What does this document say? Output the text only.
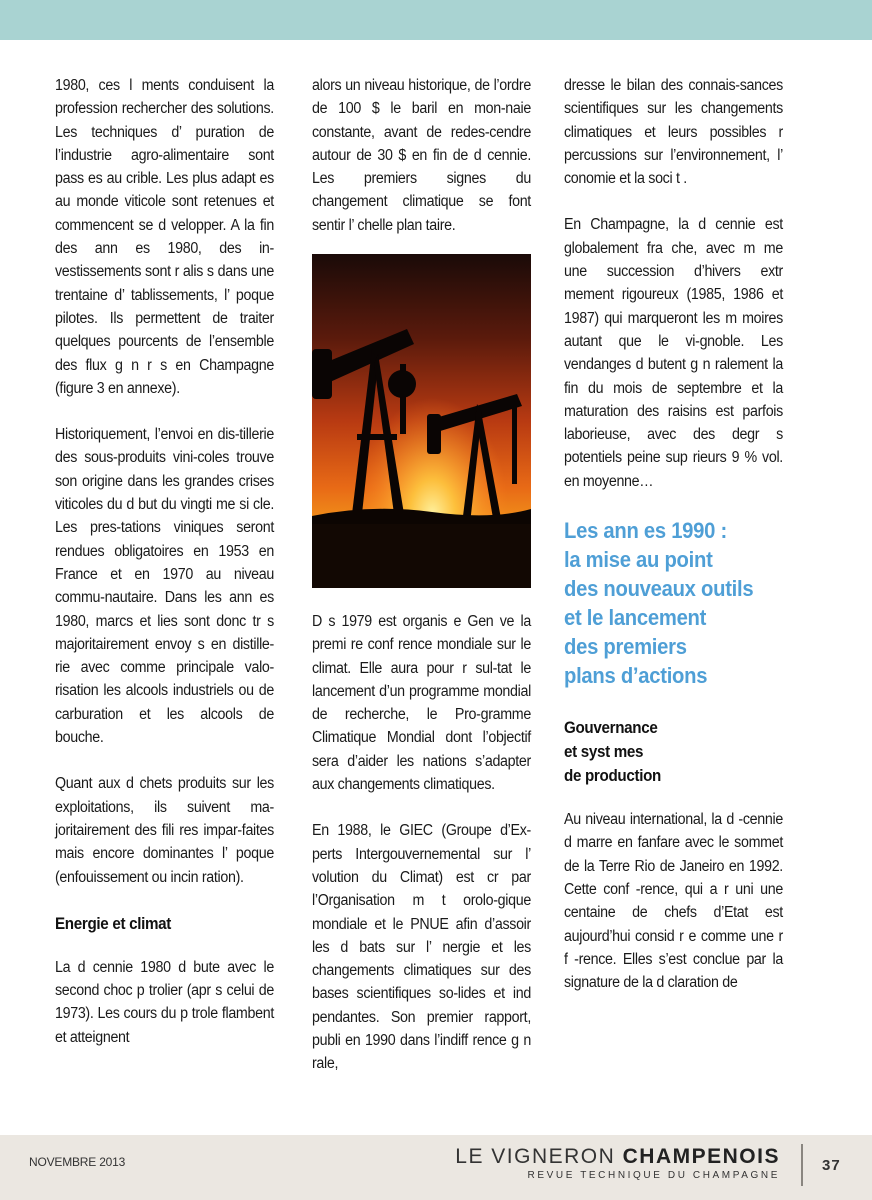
1980, ces l ments conduisent la profession rechercher des solutions. Les techniques d’ puration de l’industrie agro-alimentaire sont pass es au crible. Les plus adapt es au monde viticole sont retenues et commencent se d velopper. A la fin des ann es 1980, des in-vestissements sont r alis s dans une trentaine d’ tablissements, l’ poque pilotes. Ils permettent de traiter quelques pourcents de l’ensemble des flux g n r s en Champagne (figure 3 en annexe).

Historiquement, l’envoi en dis-tillerie des sous-produits vini-coles trouve son origine dans les grandes crises viticoles du d but du vingti me si cle. Les pres-tations viniques seront rendues obligatoires en 1953 en France et en 1970 au niveau commu-nautaire. Dans les ann es 1980, marcs et lies sont donc tr s majoritairement envoy s en distille-rie avec comme principale valo-risation les alcools industriels ou de carburation et les alcools de bouche.

Quant aux d chets produits sur les exploitations, ils suivent ma-joritairement des fili res impar-faites mais encore dominantes l’ poque (enfouissement ou incin ration).

Energie et climat

La d cennie 1980 d bute avec le second choc p trolier (apr s celui de 1973). Les cours du p trole flambent et atteignent

alors un niveau historique, de l’ordre de 100 $ le baril en mon-naie constante, avant de redes-cendre autour de 30 $ en fin de d cennie. Les premiers signes du changement climatique se font sentir l’ chelle plan taire.

D s 1979 est organis e Gen ve la premi re conf rence mondiale sur le climat. Elle aura pour r sul-tat le lancement d’un programme mondial de recherche, le Pro-gramme Climatique Mondial dont l’objectif sera d’aider les nations s’adapter aux changements climatiques.

En 1988, le GIEC (Groupe d’Ex-perts Intergouvernemental sur l’ volution du Climat) est cr par l’Organisation m t orolo-gique mondiale et le PNUE afin d’assoir les d bats sur l’ nergie et les changements climatiques sur des bases scientifiques so-lides et ind pendantes. Son premier rapport, publi en 1990 dans l’indiff rence g n rale,

dresse le bilan des connais-sances scientifiques sur les changements climatiques et leurs possibles r percussions sur l’environnement, l’ conomie et la soci t .

En Champagne, la d cennie est globalement fra che, avec m me une succession d’hivers extr mement rigoureux (1985, 1986 et 1987) qui marqueront les m moires autant que le vi-gnoble. Les vendanges d butent g n ralement la fin du mois de septembre et la maturation des raisins est parfois laborieuse, avec des degr s potentiels peine sup rieurs 9 % vol. en moyenne…

Les ann es 1990 :
la mise au point
des nouveaux outils
et le lancement
des premiers
plans d’actions
Gouvernance
et syst mes
de production

Au niveau international, la d -cennie d marre en fanfare avec le sommet de la Terre Rio de Janeiro en 1992. Cette conf -rence, qui a r uni une centaine de chefs d’Etat est aujourd’hui consid r e comme une r f -rence. Elles s’est conclue par la signature de la d claration de

NOVEMBRE 2013	LE VIGNERON CHAMPENOIS
REVUE TECHNIQUE DU CHAMPAGNE
37
